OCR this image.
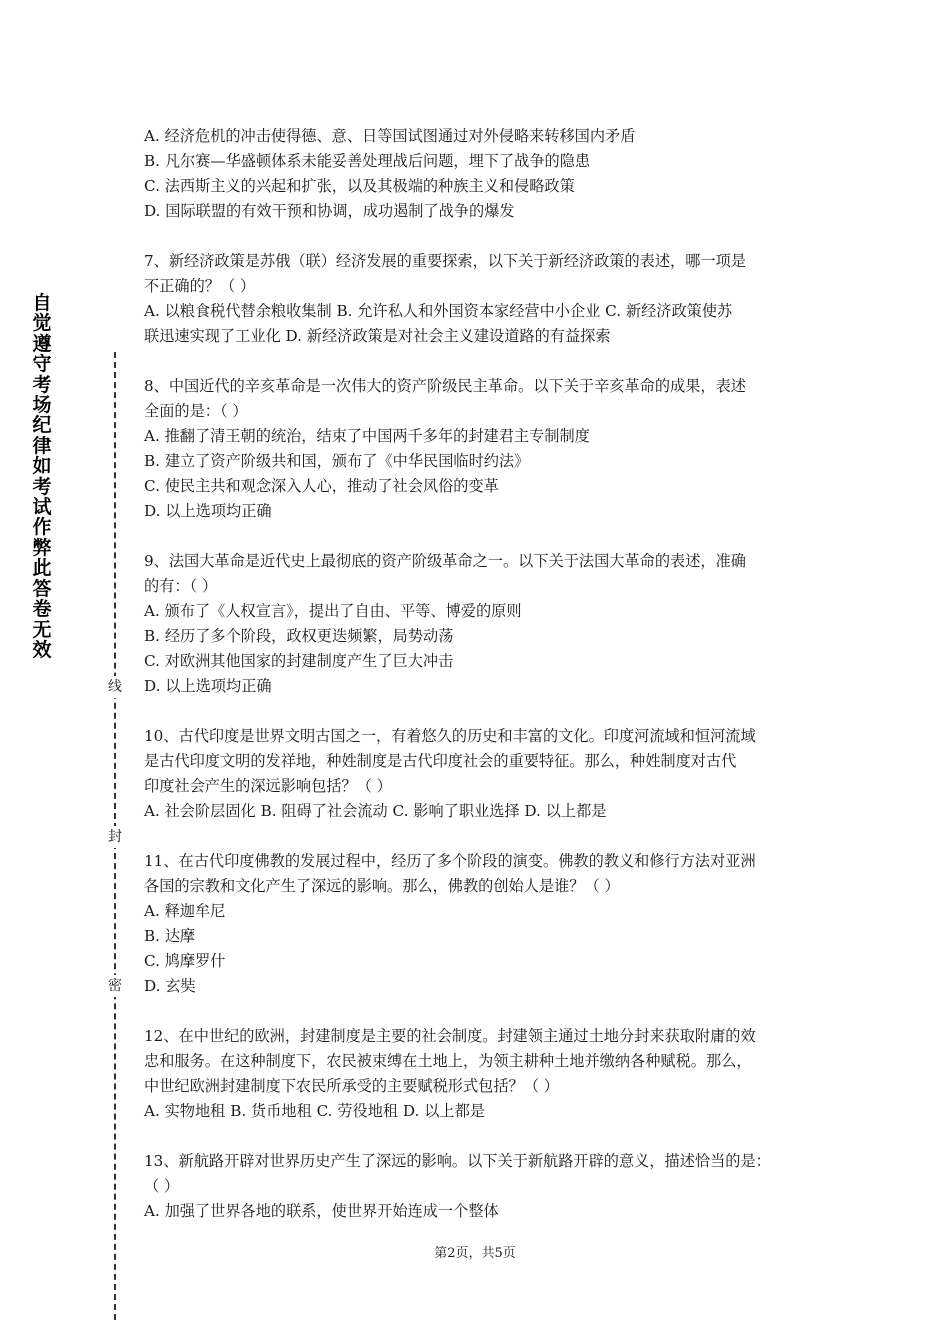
自觉遵守考场纪律如考试作弊此答卷无效
线
封
密
A. 经济危机的冲击使得德、意、日等国试图通过对外侵略来转移国内矛盾
B. 凡尔赛—华盛顿体系未能妥善处理战后问题，埋下了战争的隐患
C. 法西斯主义的兴起和扩张，以及其极端的种族主义和侵略政策
D. 国际联盟的有效干预和协调，成功遏制了战争的爆发
7、新经济政策是苏俄（联）经济发展的重要探索，以下关于新经济政策的表述，哪一项是
不正确的？（ ）
A. 以粮食税代替余粮收集制 B. 允许私人和外国资本家经营中小企业 C. 新经济政策使苏
联迅速实现了工业化 D. 新经济政策是对社会主义建设道路的有益探索
8、中国近代的辛亥革命是一次伟大的资产阶级民主革命。以下关于辛亥革命的成果，表述
全面的是：（ ）
A. 推翻了清王朝的统治，结束了中国两千多年的封建君主专制制度
B. 建立了资产阶级共和国，颁布了《中华民国临时约法》
C. 使民主共和观念深入人心，推动了社会风俗的变革
D. 以上选项均正确
9、法国大革命是近代史上最彻底的资产阶级革命之一。以下关于法国大革命的表述，准确
的有：（ ）
A. 颁布了《人权宣言》，提出了自由、平等、博爱的原则
B. 经历了多个阶段，政权更迭频繁，局势动荡
C. 对欧洲其他国家的封建制度产生了巨大冲击
D. 以上选项均正确
10、古代印度是世界文明古国之一，有着悠久的历史和丰富的文化。印度河流域和恒河流域
是古代印度文明的发祥地，种姓制度是古代印度社会的重要特征。那么，种姓制度对古代
印度社会产生的深远影响包括？（ ）
A. 社会阶层固化 B. 阻碍了社会流动 C. 影响了职业选择 D. 以上都是
11、在古代印度佛教的发展过程中，经历了多个阶段的演变。佛教的教义和修行方法对亚洲
各国的宗教和文化产生了深远的影响。那么，佛教的创始人是谁？（ ）
A. 释迦牟尼
B. 达摩
C. 鸠摩罗什
D. 玄奘
12、在中世纪的欧洲，封建制度是主要的社会制度。封建领主通过土地分封来获取附庸的效
忠和服务。在这种制度下，农民被束缚在土地上，为领主耕种土地并缴纳各种赋税。那么，
中世纪欧洲封建制度下农民所承受的主要赋税形式包括？（ ）
A. 实物地租 B. 货币地租 C. 劳役地租 D. 以上都是
13、新航路开辟对世界历史产生了深远的影响。以下关于新航路开辟的意义，描述恰当的是：
（ ）
A. 加强了世界各地的联系，使世界开始连成一个整体
第2页，共5页
